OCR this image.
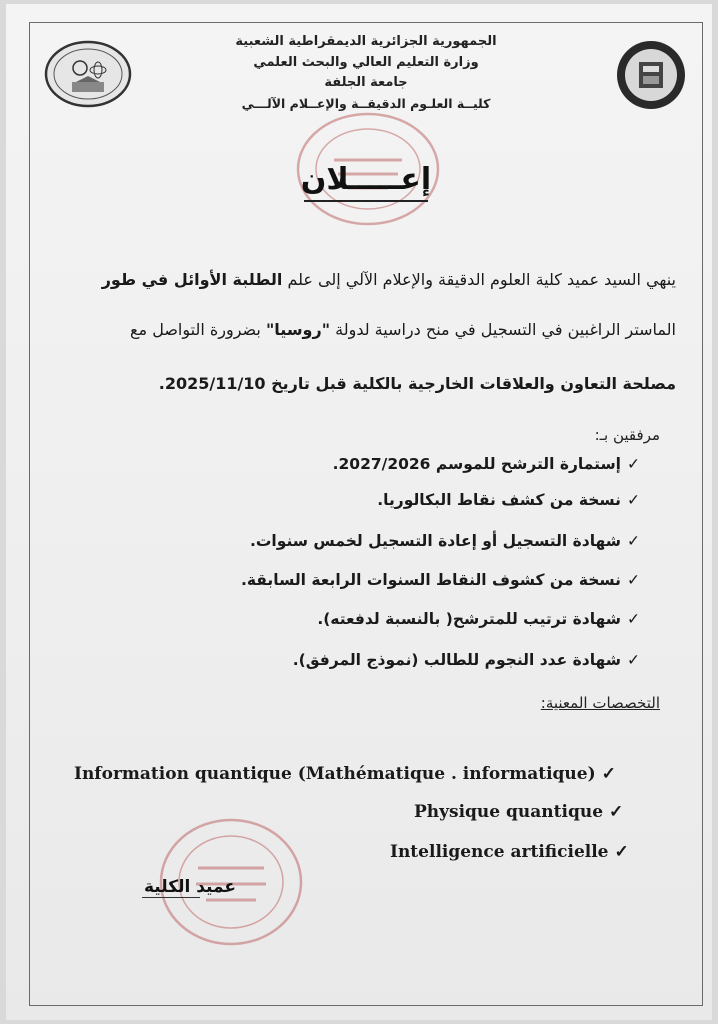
الجمهورية الجزائرية الديمقراطية الشعبية
وزارة التعليم العالي والبحث العلمي
جامعة الجلفة
كليــة العلـوم الدقيقــة والإعــلام الآلـــي
إعـــــلان
ينهي السيد عميد كلية العلوم الدقيقة والإعلام الآلي إلى علم الطلبة الأوائل في طور
الماستر الراغبين في التسجيل في منح دراسية لدولة "روسيا" بضرورة التواصل مع
مصلحة التعاون والعلاقات الخارجية بالكلية قبل تاريخ 2025/11/10.
مرفقين بـ:
✓إستمارة الترشح للموسم 2027/2026.
✓نسخة من كشف نقاط البكالوريا.
✓شهادة التسجيل أو إعادة التسجيل لخمس سنوات.
✓نسخة من كشوف النقاط السنوات الرابعة السابقة.
✓شهادة ترتيب للمترشح( بالنسبة لدفعته).
✓شهادة عدد النجوم للطالب (نموذج المرفق).
التخصصات المعنية:
Information quantique (Mathématique . informatique) ✓
Physique quantique ✓
Intelligence artificielle ✓
عميد الكلية
